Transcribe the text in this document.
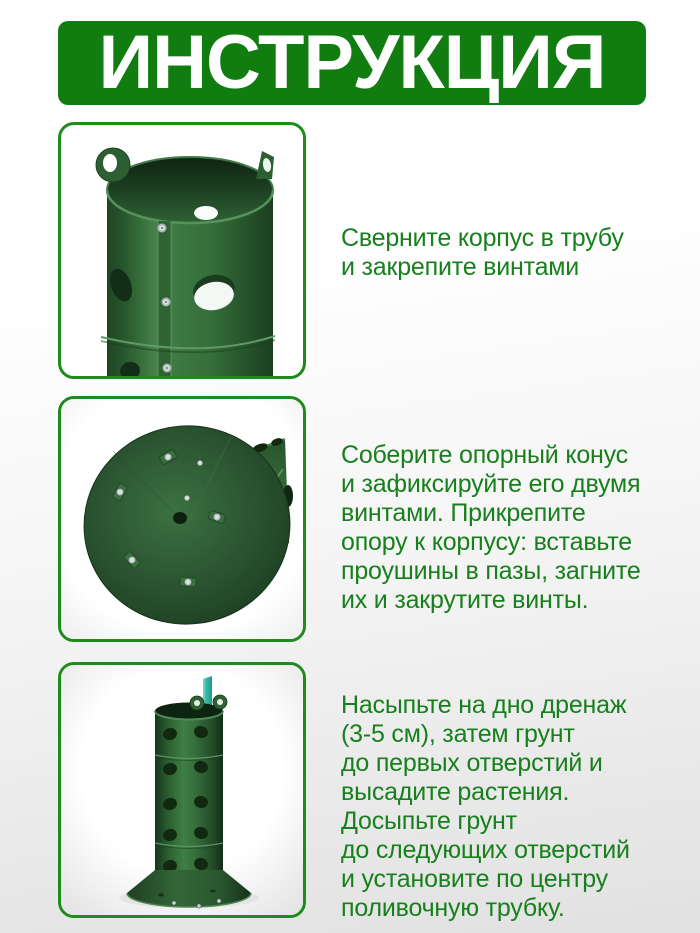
ИНСТРУКЦИЯ
Сверните корпус в трубу
и закрепите винтами
Соберите опорный конус
и зафиксируйте его двумя
винтами. Прикрепите
опору к корпусу: вставьте
проушины в пазы, загните
их и закрутите винты.
Насыпьте на дно дренаж
(3-5 см), затем грунт
до первых отверстий и
высадите растения.
Досыпьте грунт
до следующих отверстий
и установите по центру
поливочную трубку.
